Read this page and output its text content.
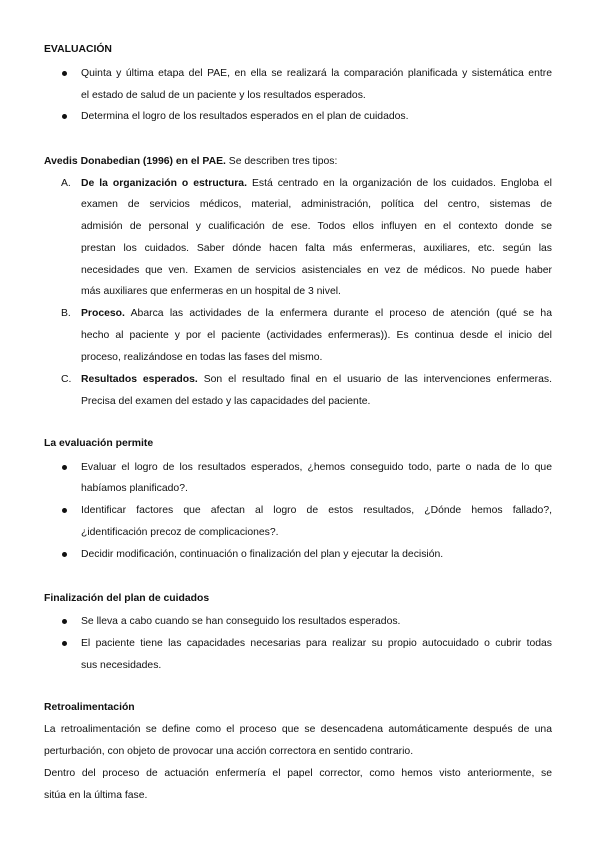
EVALUACIÓN
Quinta y última etapa del PAE, en ella se realizará la comparación planificada y sistemática entre
el estado de salud de un paciente y los resultados esperados.
Determina el logro de los resultados esperados en el plan de cuidados.
Avedis Donabedian (1996) en el PAE. Se describen tres tipos:
A. De la organización o estructura. Está centrado en la organización de los cuidados. Engloba el
examen de servicios médicos, material, administración, política del centro, sistemas de
admisión de personal y cualificación de ese. Todos ellos influyen en el contexto donde se
prestan los cuidados. Saber dónde hacen falta más enfermeras, auxiliares, etc. según las
necesidades que ven. Examen de servicios asistenciales en vez de médicos. No puede haber
más auxiliares que enfermeras en un hospital de 3 nivel.
B. Proceso. Abarca las actividades de la enfermera durante el proceso de atención (qué se ha
hecho al paciente y por el paciente (actividades enfermeras)). Es continua desde el inicio del
proceso, realizándose en todas las fases del mismo.
C. Resultados esperados. Son el resultado final en el usuario de las intervenciones enfermeras.
Precisa del examen del estado y las capacidades del paciente.
La evaluación permite
Evaluar el logro de los resultados esperados, ¿hemos conseguido todo, parte o nada de lo que
habíamos planificado?.
Identificar factores que afectan al logro de estos resultados, ¿Dónde hemos fallado?,
¿identificación precoz de complicaciones?.
Decidir modificación, continuación o finalización del plan y ejecutar la decisión.
Finalización del plan de cuidados
Se lleva a cabo cuando se han conseguido los resultados esperados.
El paciente tiene las capacidades necesarias para realizar su propio autocuidado o cubrir todas
sus necesidades.
Retroalimentación
La retroalimentación se define como el proceso que se desencadena automáticamente después de una
perturbación, con objeto de provocar una acción correctora en sentido contrario.
Dentro del proceso de actuación enfermería el papel corrector, como hemos visto anteriormente, se
sitúa en la última fase.
